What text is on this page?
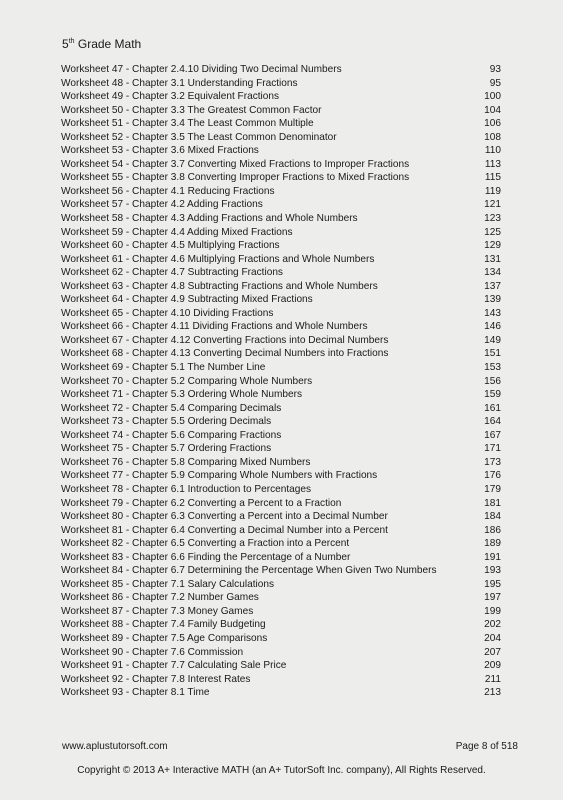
5th Grade Math
Worksheet 47 - Chapter 2.4.10 Dividing Two Decimal Numbers	93
Worksheet 48 - Chapter 3.1 Understanding Fractions	95
Worksheet 49 - Chapter 3.2 Equivalent Fractions	100
Worksheet 50 - Chapter 3.3 The Greatest Common Factor	104
Worksheet 51 - Chapter 3.4 The Least Common Multiple	106
Worksheet 52 - Chapter 3.5 The Least Common Denominator	108
Worksheet 53 - Chapter 3.6 Mixed Fractions	110
Worksheet 54 - Chapter 3.7 Converting Mixed Fractions to Improper Fractions	113
Worksheet 55 - Chapter 3.8 Converting Improper Fractions to Mixed Fractions	115
Worksheet 56 - Chapter 4.1 Reducing Fractions	119
Worksheet 57 - Chapter 4.2 Adding Fractions	121
Worksheet 58 - Chapter 4.3 Adding Fractions and Whole Numbers	123
Worksheet 59 - Chapter 4.4 Adding Mixed Fractions	125
Worksheet 60 - Chapter 4.5 Multiplying Fractions	129
Worksheet 61 - Chapter 4.6 Multiplying Fractions and Whole Numbers	131
Worksheet 62 - Chapter 4.7 Subtracting Fractions	134
Worksheet 63 - Chapter 4.8 Subtracting Fractions and Whole Numbers	137
Worksheet 64 - Chapter 4.9 Subtracting Mixed Fractions	139
Worksheet 65 - Chapter 4.10 Dividing Fractions	143
Worksheet 66 - Chapter 4.11 Dividing Fractions and Whole Numbers	146
Worksheet 67 - Chapter 4.12 Converting Fractions into Decimal Numbers	149
Worksheet 68 - Chapter 4.13 Converting Decimal Numbers into Fractions	151
Worksheet 69 - Chapter 5.1 The Number Line	153
Worksheet 70 - Chapter 5.2 Comparing Whole Numbers	156
Worksheet 71 - Chapter 5.3 Ordering Whole Numbers	159
Worksheet 72 - Chapter 5.4 Comparing Decimals	161
Worksheet 73 - Chapter 5.5 Ordering Decimals	164
Worksheet 74 - Chapter 5.6 Comparing Fractions	167
Worksheet 75 - Chapter 5.7 Ordering Fractions	171
Worksheet 76 - Chapter 5.8 Comparing Mixed Numbers	173
Worksheet 77 - Chapter 5.9 Comparing Whole Numbers with Fractions	176
Worksheet 78 - Chapter 6.1 Introduction to Percentages	179
Worksheet 79 - Chapter 6.2 Converting a Percent to a Fraction	181
Worksheet 80 - Chapter 6.3 Converting a Percent into a Decimal Number	184
Worksheet 81 - Chapter 6.4 Converting a Decimal Number into a Percent	186
Worksheet 82 - Chapter 6.5 Converting a Fraction into a Percent	189
Worksheet 83 - Chapter 6.6 Finding the Percentage of a Number	191
Worksheet 84 - Chapter 6.7 Determining the Percentage When Given Two Numbers	193
Worksheet 85 - Chapter 7.1 Salary Calculations	195
Worksheet 86 - Chapter 7.2 Number Games	197
Worksheet 87 - Chapter 7.3 Money Games	199
Worksheet 88 - Chapter 7.4 Family Budgeting	202
Worksheet 89 - Chapter 7.5 Age Comparisons	204
Worksheet 90 - Chapter 7.6 Commission	207
Worksheet 91 - Chapter 7.7 Calculating Sale Price	209
Worksheet 92 - Chapter 7.8 Interest Rates	211
Worksheet 93 - Chapter 8.1 Time	213
www.aplustutorsoft.com	Page 8 of 518
Copyright © 2013 A+ Interactive MATH (an A+ TutorSoft Inc. company), All Rights Reserved.
